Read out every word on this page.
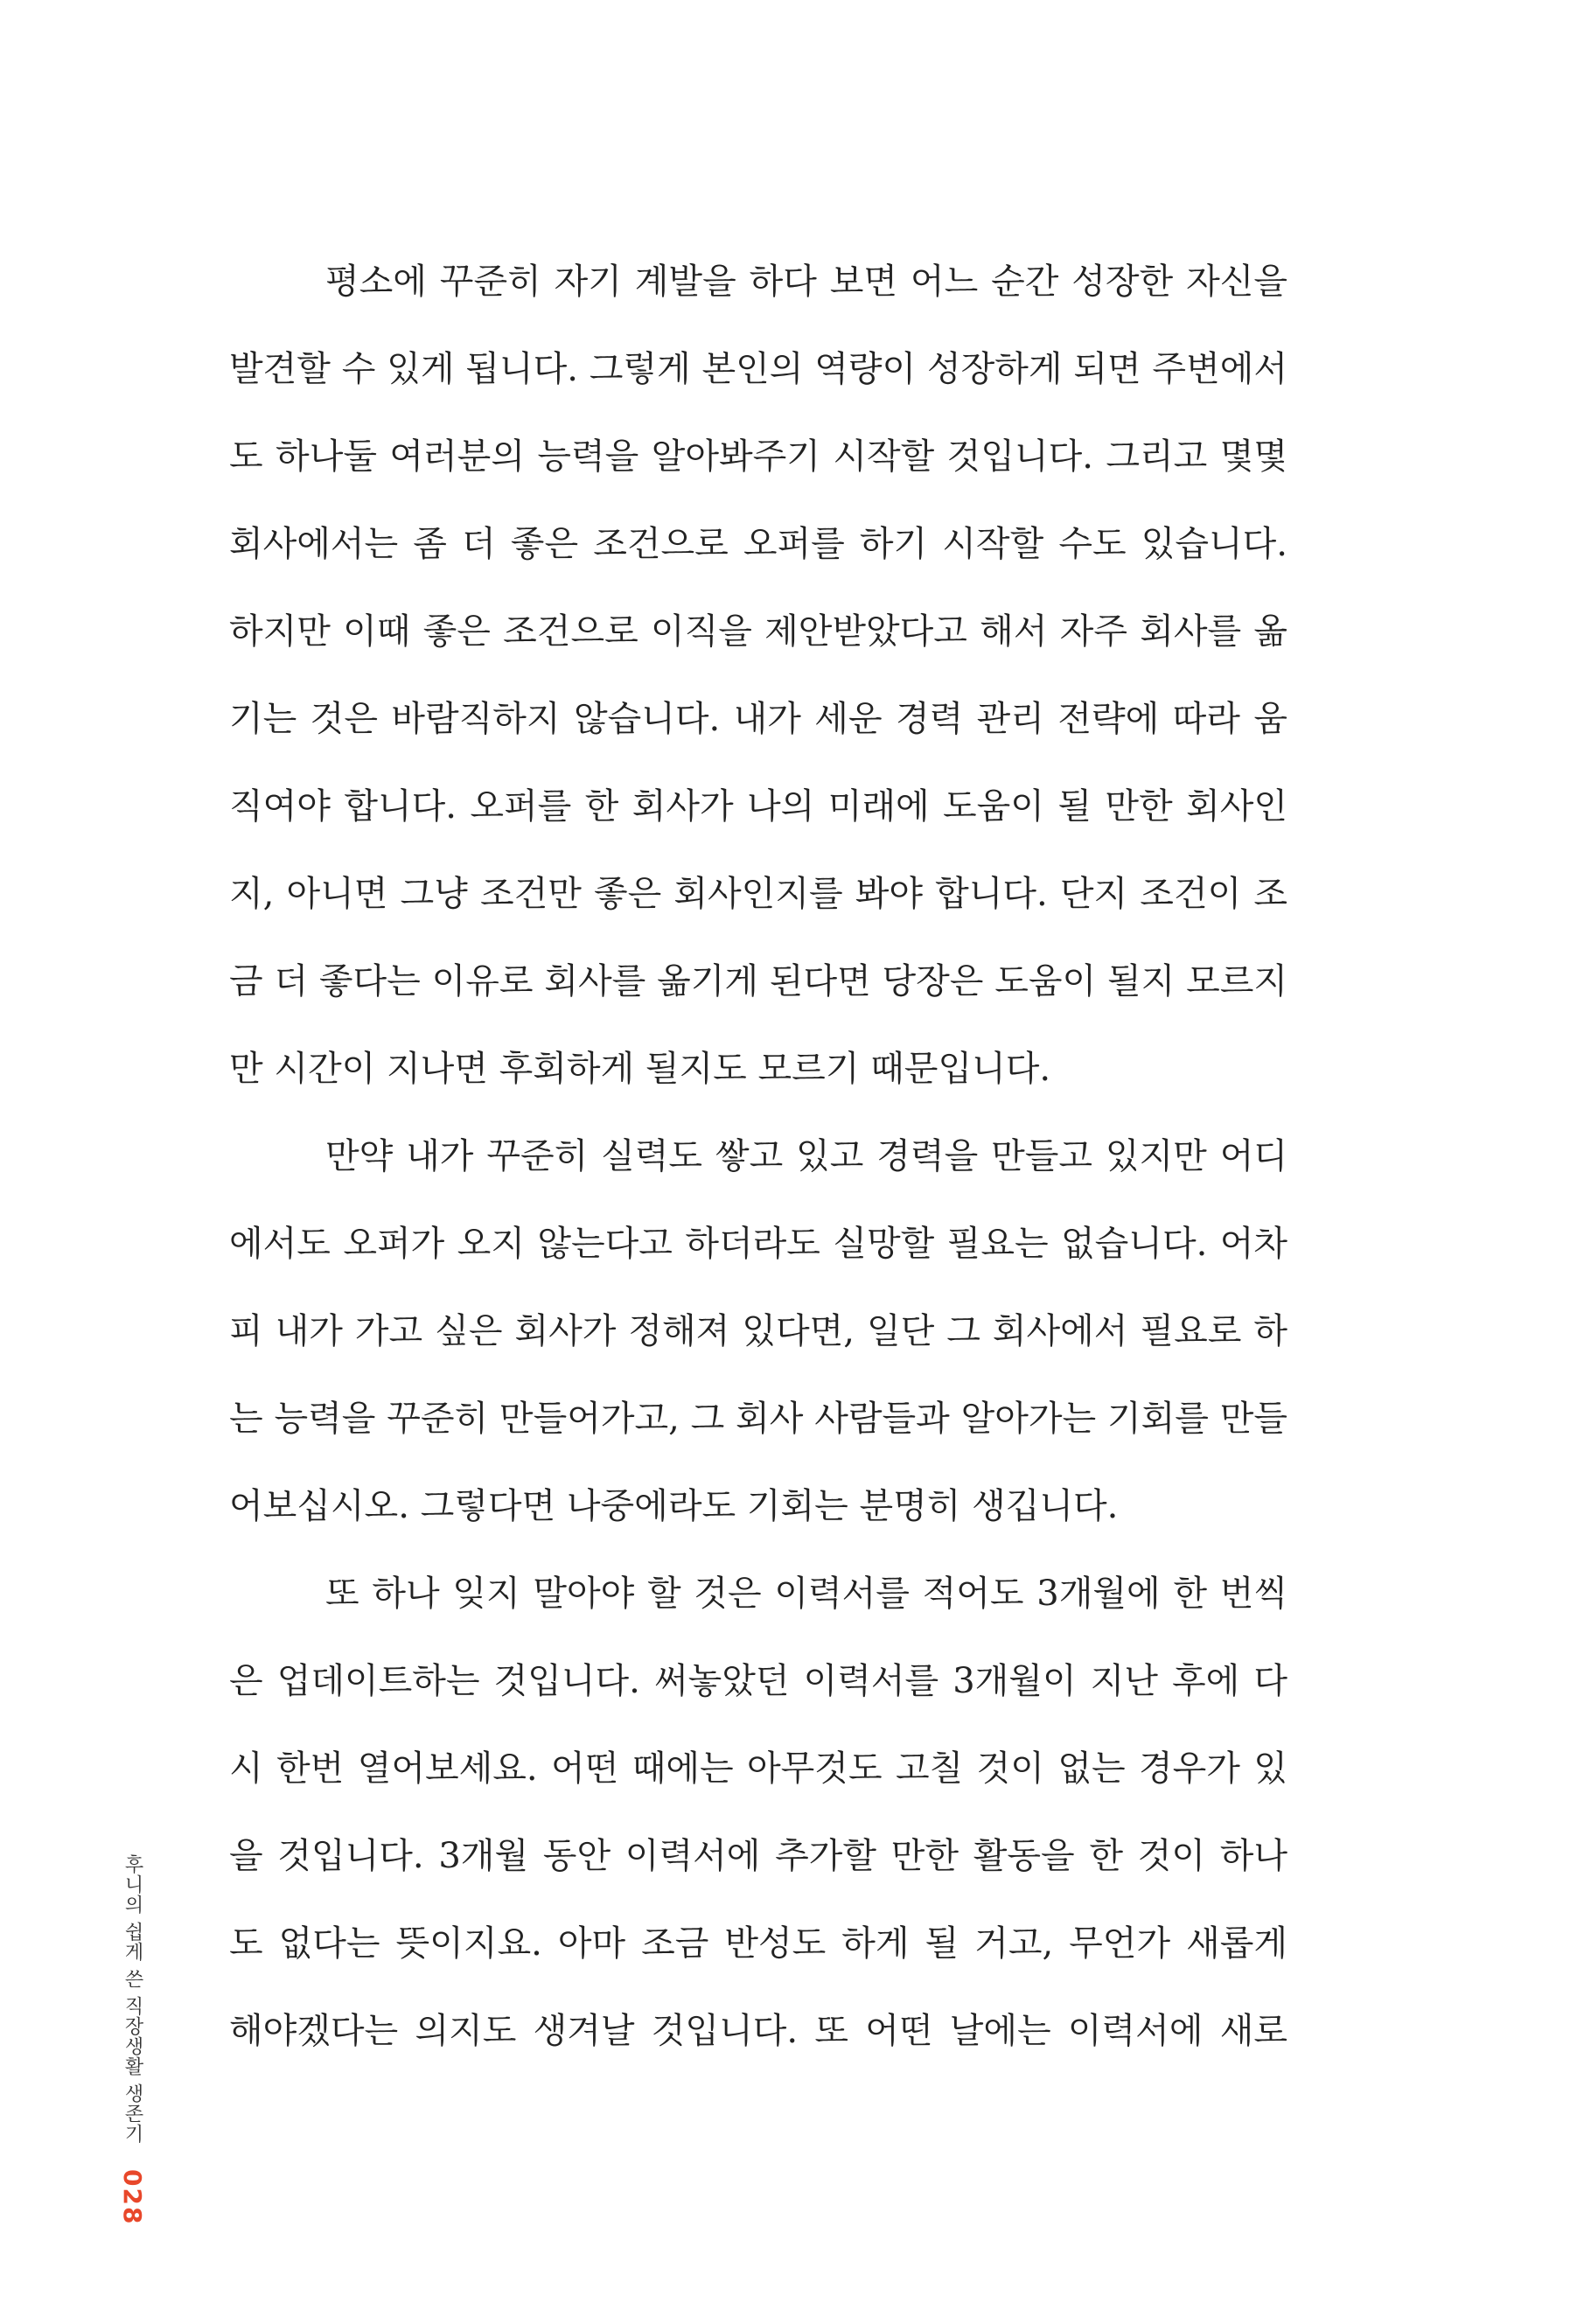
평소에 꾸준히 자기 계발을 하다 보면 어느 순간 성장한 자신을
발견할 수 있게 됩니다. 그렇게 본인의 역량이 성장하게 되면 주변에서
도 하나둘 여러분의 능력을 알아봐주기 시작할 것입니다. 그리고 몇몇
회사에서는 좀 더 좋은 조건으로 오퍼를 하기 시작할 수도 있습니다.
하지만 이때 좋은 조건으로 이직을 제안받았다고 해서 자주 회사를 옮
기는 것은 바람직하지 않습니다. 내가 세운 경력 관리 전략에 따라 움
직여야 합니다. 오퍼를 한 회사가 나의 미래에 도움이 될 만한 회사인
지, 아니면 그냥 조건만 좋은 회사인지를 봐야 합니다. 단지 조건이 조
금 더 좋다는 이유로 회사를 옮기게 된다면 당장은 도움이 될지 모르지
만 시간이 지나면 후회하게 될지도 모르기 때문입니다.
만약 내가 꾸준히 실력도 쌓고 있고 경력을 만들고 있지만 어디
에서도 오퍼가 오지 않는다고 하더라도 실망할 필요는 없습니다. 어차
피 내가 가고 싶은 회사가 정해져 있다면, 일단 그 회사에서 필요로 하
는 능력을 꾸준히 만들어가고, 그 회사 사람들과 알아가는 기회를 만들
어보십시오. 그렇다면 나중에라도 기회는 분명히 생깁니다.
또 하나 잊지 말아야 할 것은 이력서를 적어도 3개월에 한 번씩
은 업데이트하는 것입니다. 써놓았던 이력서를 3개월이 지난 후에 다
시 한번 열어보세요. 어떤 때에는 아무것도 고칠 것이 없는 경우가 있
을 것입니다. 3개월 동안 이력서에 추가할 만한 활동을 한 것이 하나
도 없다는 뜻이지요. 아마 조금 반성도 하게 될 거고, 무언가 새롭게
해야겠다는 의지도 생겨날 것입니다. 또 어떤 날에는 이력서에 새로
후니의 쉽게 쓴 직장생활 생존기 028
